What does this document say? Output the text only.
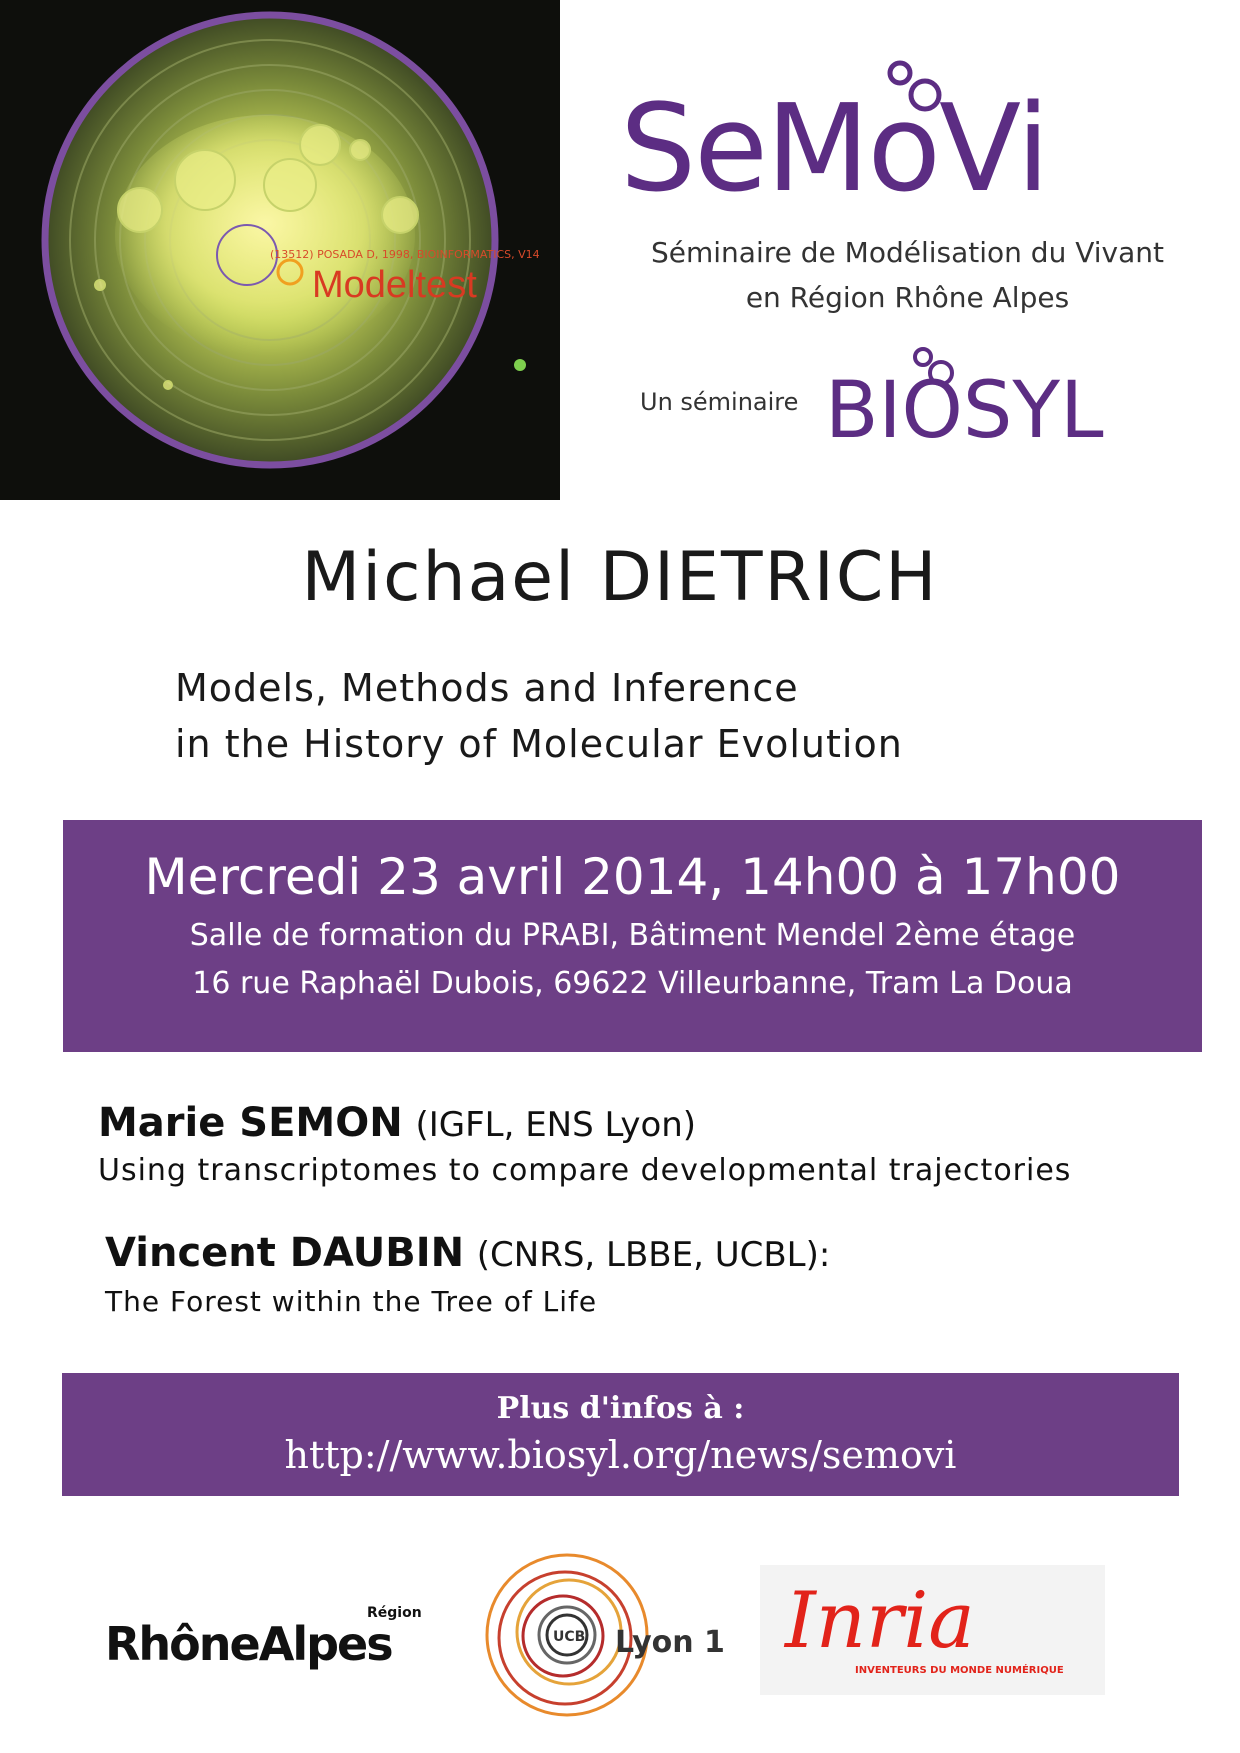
(13512) POSADA D, 1998, BIOINFORMATICS, V14
Modeltest
SeMoVi
Séminaire de Modélisation du Vivant
en Région Rhône Alpes
Un séminaire BIOSYL
Michael DIETRICH
Models, Methods and Inference
in the History of Molecular Evolution
Mercredi 23 avril 2014, 14h00 à 17h00
Salle de formation du PRABI, Bâtiment Mendel 2ème étage
16 rue Raphaël Dubois, 69622 Villeurbanne, Tram La Doua
Marie SEMON (IGFL, ENS Lyon)
Using transcriptomes to compare developmental trajectories
Vincent DAUBIN (CNRS, LBBE, UCBL):
The Forest within the Tree of Life
Plus d'infos à :
http://www.biosyl.org/news/semovi
RhôneAlpes
Région
UCB Lyon 1 Inria
INVENTEURS DU MONDE NUMÉRIQUE
